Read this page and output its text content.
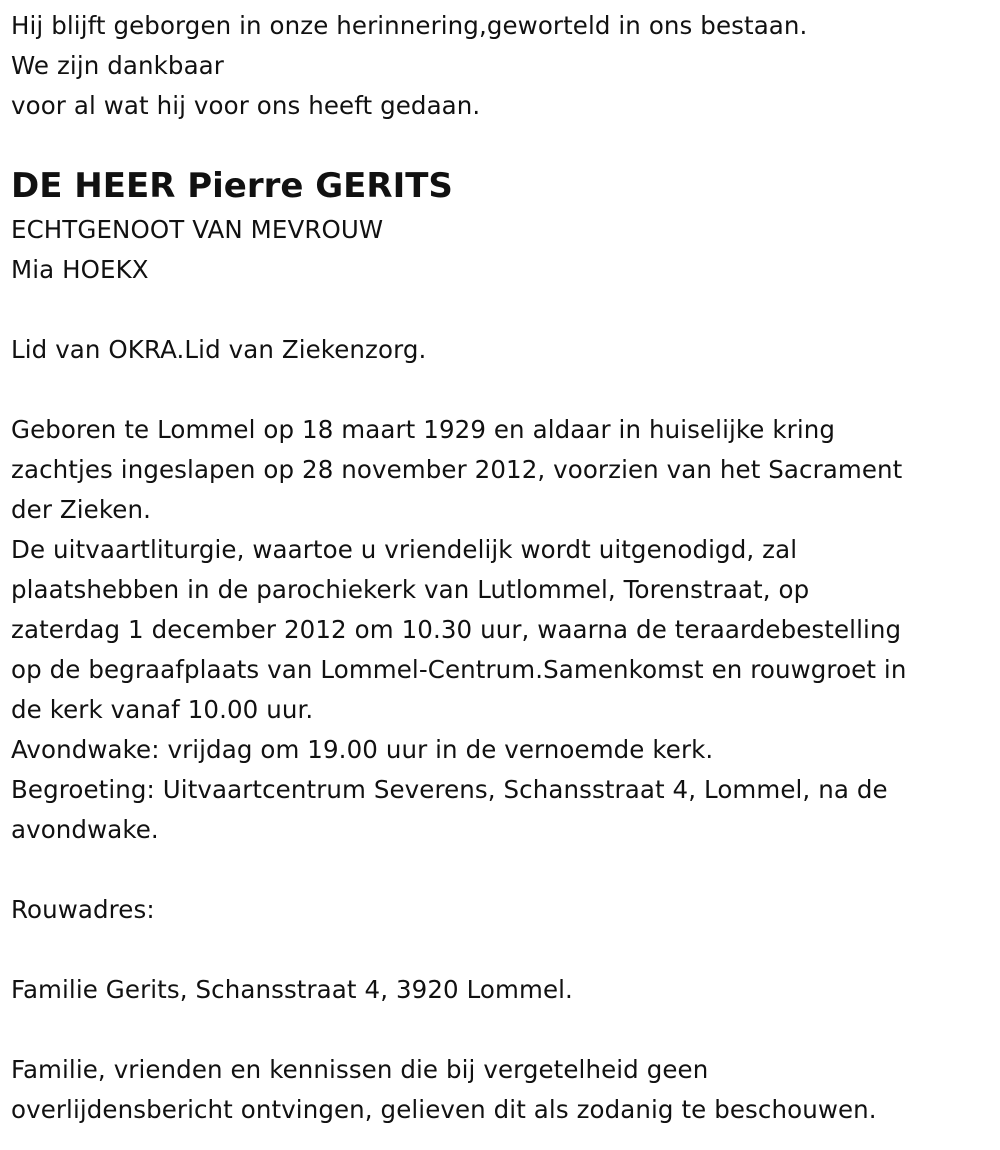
Hij blijft geborgen in onze herinnering,geworteld in ons bestaan.
We zijn dankbaar
voor al wat hij voor ons heeft gedaan.
DE HEER Pierre GERITS
ECHTGENOOT VAN MEVROUW
Mia HOEKX
Lid van OKRA.Lid van Ziekenzorg.
Geboren te Lommel op 18 maart 1929 en aldaar in huiselijke kring
zachtjes ingeslapen op 28 november 2012, voorzien van het Sacrament
der Zieken.
De uitvaartliturgie, waartoe u vriendelijk wordt uitgenodigd, zal
plaatshebben in de parochiekerk van Lutlommel, Torenstraat, op
zaterdag 1 december 2012 om 10.30 uur, waarna de teraardebestelling
op de begraafplaats van Lommel-Centrum.Samenkomst en rouwgroet in
de kerk vanaf 10.00 uur.
Avondwake: vrijdag om 19.00 uur in de vernoemde kerk.
Begroeting: Uitvaartcentrum Severens, Schansstraat 4, Lommel, na de
avondwake.
Rouwadres:
Familie Gerits, Schansstraat 4, 3920 Lommel.
Familie, vrienden en kennissen die bij vergetelheid geen
overlijdensbericht ontvingen, gelieven dit als zodanig te beschouwen.
